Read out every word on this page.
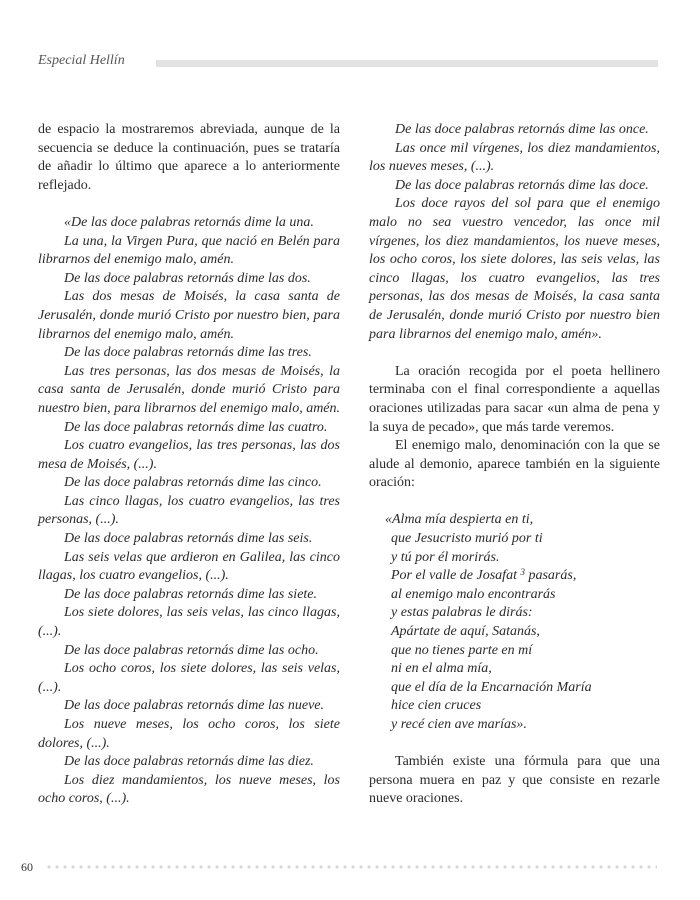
Especial Hellín

de espacio la mostraremos abreviada, aunque de la secuencia se deduce la continuación, pues se trataría de añadir lo último que aparece a lo anteriormente reflejado.

«De las doce palabras retornás dime la una.

La una, la Virgen Pura, que nació en Belén para librarnos del enemigo malo, amén.

De las doce palabras retornás dime las dos.

Las dos mesas de Moisés, la casa santa de Jerusalén, donde murió Cristo por nuestro bien, para librarnos del enemigo malo, amén.

De las doce palabras retornás dime las tres.

Las tres personas, las dos mesas de Moisés, la casa santa de Jerusalén, donde murió Cristo para nuestro bien, para librarnos del enemigo malo, amén.

De las doce palabras retornás dime las cuatro.

Los cuatro evangelios, las tres personas, las dos mesa de Moisés, (...).

De las doce palabras retornás dime las cinco.

Las cinco llagas, los cuatro evangelios, las tres personas, (...).

De las doce palabras retornás dime las seis.

Las seis velas que ardieron en Galilea, las cinco llagas, los cuatro evangelios, (...).

De las doce palabras retornás dime las siete.

Los siete dolores, las seis velas, las cinco llagas, (...).

De las doce palabras retornás dime las ocho.

Los ocho coros, los siete dolores, las seis velas, (...).

De las doce palabras retornás dime las nueve.

Los nueve meses, los ocho coros, los siete dolores, (...).

De las doce palabras retornás dime las diez.

Los diez mandamientos, los nueve meses, los ocho coros, (...).

De las doce palabras retornás dime las once.

Las once mil vírgenes, los diez mandamientos, los nueves meses, (...).

De las doce palabras retornás dime las doce.

Los doce rayos del sol para que el enemigo malo no sea vuestro vencedor, las once mil vírgenes, los diez mandamientos, los nueve meses, los ocho coros, los siete dolores, las seis velas, las cinco llagas, los cuatro evangelios, las tres personas, las dos mesas de Moisés, la casa santa de Jerusalén, donde murió Cristo por nuestro bien para librarnos del enemigo malo, amén».

La oración recogida por el poeta hellinero terminaba con el final correspondiente a aquellas oraciones utilizadas para sacar «un alma de pena y la suya de pecado», que más tarde veremos.

El enemigo malo, denominación con la que se alude al demonio, aparece también en la siguiente oración:

«Alma mía despierta en ti,

que Jesucristo murió por ti

y tú por él morirás.

Por el valle de Josafat $^3$ pasarás,

al enemigo malo encontrarás

y estas palabras le dirás:

Apártate de aquí, Satanás,

que no tienes parte en mí

ni en el alma mía,

que el día de la Encarnación María

hice cien cruces

y recé cien ave marías».

También existe una fórmula para que una persona muera en paz y que consiste en rezarle nueve oraciones.

60
